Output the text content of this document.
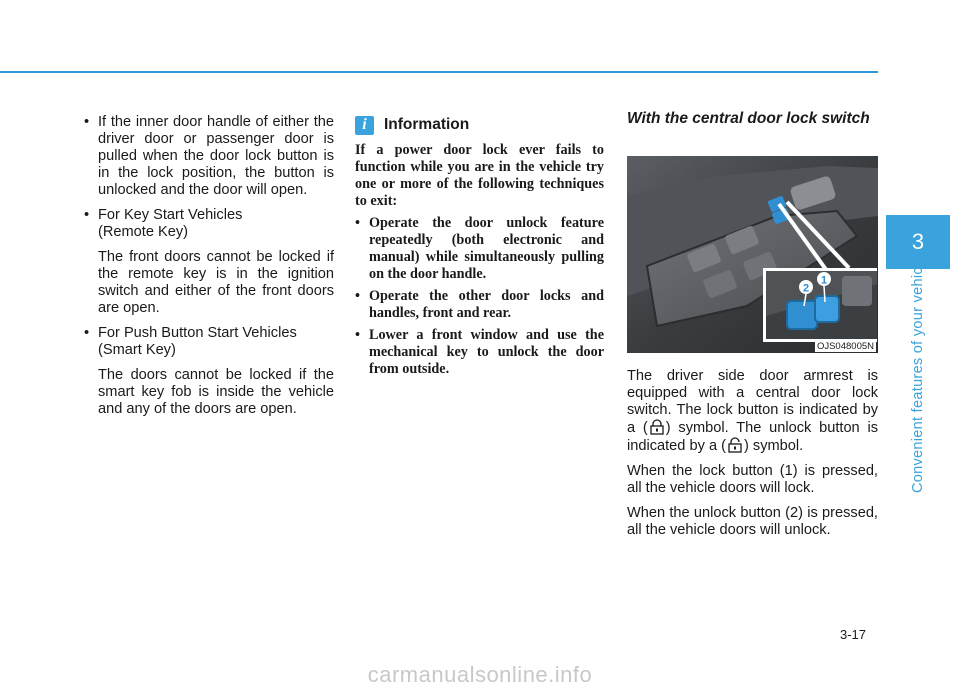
• If the inner door handle of either the driver door or passenger door is pulled when the door lock button is in the lock position, the button is unlocked and the door will open.
• For Key Start Vehicles
(Remote Key)
The front doors cannot be locked if the remote key is in the ignition switch and either of the front doors are open.
• For Push Button Start Vehicles
(Smart Key)
The doors cannot be locked if the smart key fob is inside the vehicle and any of the doors are open.
i	Information
If a power door lock ever fails to function while you are in the vehicle try one or more of the following techniques to exit:
• Operate the door unlock feature repeatedly (both electronic and manual) while simultaneously pulling on the door handle.
• Operate the other door locks and handles, front and rear.
• Lower a front window and use the mechanical key to unlock the door from outside.
With the central door lock switch
1
2
OJS048005N

The driver side door armrest is equipped with a central door lock switch. The lock button is indicated by a ( ) symbol. The unlock button is indicated by a ( ) symbol.

When the lock button (1) is pressed, all the vehicle doors will lock.

When the unlock button (2) is pressed, all the vehicle doors will unlock.

3
Convenient features of your vehicle
3-17
carmanualsonline.info
